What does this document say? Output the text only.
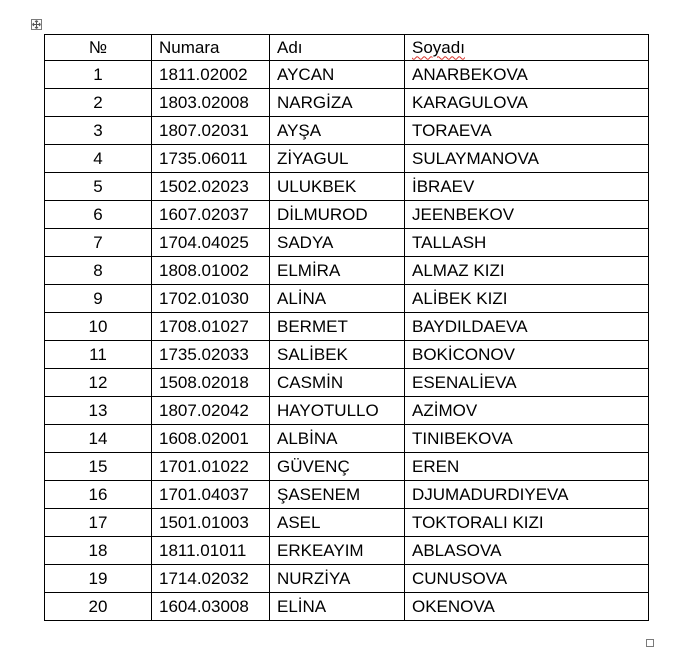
№	Numara	Adı	Soyadı
1	1811.02002	AYCAN	ANARBEKOVA
2	1803.02008	NARGİZA	KARAGULOVA
3	1807.02031	AYŞA	TORAEVA
4	1735.06011	ZİYAGUL	SULAYMANOVA
5	1502.02023	ULUKBEK	İBRAEV
6	1607.02037	DİLMUROD	JEENBEKOV
7	1704.04025	SADYA	TALLASH
8	1808.01002	ELMİRA	ALMAZ KIZI
9	1702.01030	ALİNA	ALİBEK KIZI
10	1708.01027	BERMET	BAYDILDAEVA
11	1735.02033	SALİBEK	BOKİCONOV
12	1508.02018	CASMİN	ESENALİEVA
13	1807.02042	HAYOTULLO	AZİMOV
14	1608.02001	ALBİNA	TINIBEKOVA
15	1701.01022	GÜVENÇ	EREN
16	1701.04037	ŞASENEM	DJUMADURDIYEVA
17	1501.01003	ASEL	TOKTORALI KIZI
18	1811.01011	ERKEAYIM	ABLASOVA
19	1714.02032	NURZİYA	CUNUSOVA
20	1604.03008	ELİNA	OKENOVA
